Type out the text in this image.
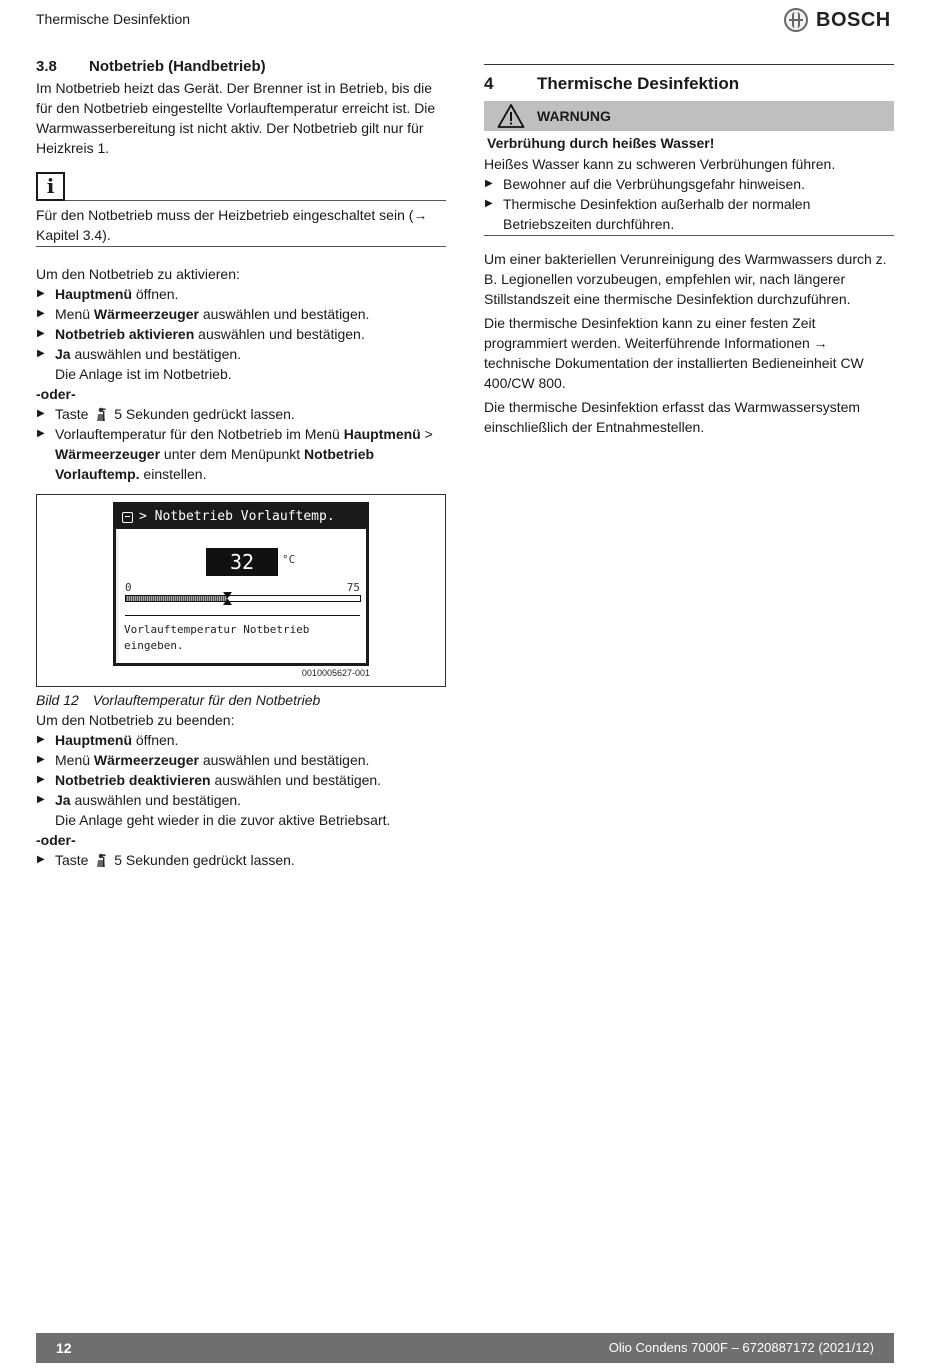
Thermische Desinfektion	BOSCH
3.8	Notbetrieb (Handbetrieb)

Im Notbetrieb heizt das Gerät. Der Brenner ist in Betrieb, bis die für den Notbetrieb eingestellte Vorlauftemperatur erreicht ist. Die Warmwasserbereitung ist nicht aktiv. Der Notbetrieb gilt nur für Heizkreis 1.

i
Für den Notbetrieb muss der Heizbetrieb eingeschaltet sein (→ Kapitel 3.4).

Um den Notbetrieb zu aktivieren:

▶ Hauptmenü öffnen.
▶ Menü Wärmeerzeuger auswählen und bestätigen.
▶ Notbetrieb aktivieren auswählen und bestätigen.
▶ Ja auswählen und bestätigen.

Die Anlage ist im Notbetrieb.

-oder-

▶ Taste 5 Sekunden gedrückt lassen.
▶ Vorlauftemperatur für den Notbetrieb im Menü Hauptmenü > Wärmeerzeuger unter dem Menüpunkt Notbetrieb Vorlauftemp. einstellen.
> Notbetrieb Vorlauftemp.
32	°C
0	75
Vorlauftemperatur Notbetrieb eingeben.
0010005627-001

Bild 12 Vorlauftemperatur für den Notbetrieb

Um den Notbetrieb zu beenden:

▶ Hauptmenü öffnen.
▶ Menü Wärmeerzeuger auswählen und bestätigen.
▶ Notbetrieb deaktivieren auswählen und bestätigen.
▶ Ja auswählen und bestätigen.

Die Anlage geht wieder in die zuvor aktive Betriebsart.

-oder-

▶ Taste 5 Sekunden gedrückt lassen.
4	Thermische Desinfektion
WARNUNG

Verbrühung durch heißes Wasser!

Heißes Wasser kann zu schweren Verbrühungen führen.

▶ Bewohner auf die Verbrühungsgefahr hinweisen.
▶ Thermische Desinfektion außerhalb der normalen Betriebszeiten durchführen.

Um einer bakteriellen Verunreinigung des Warmwassers durch z. B. Legionellen vorzubeugen, empfehlen wir, nach längerer Stillstandszeit eine thermische Desinfektion durchzuführen.

Die thermische Desinfektion kann zu einer festen Zeit programmiert werden. Weiterführende Informationen → technische Dokumentation der installierten Bedieneinheit CW 400/CW 800.

Die thermische Desinfektion erfasst das Warmwassersystem einschließlich der Entnahmestellen.

12	Olio Condens 7000F – 6720887172 (2021/12)
